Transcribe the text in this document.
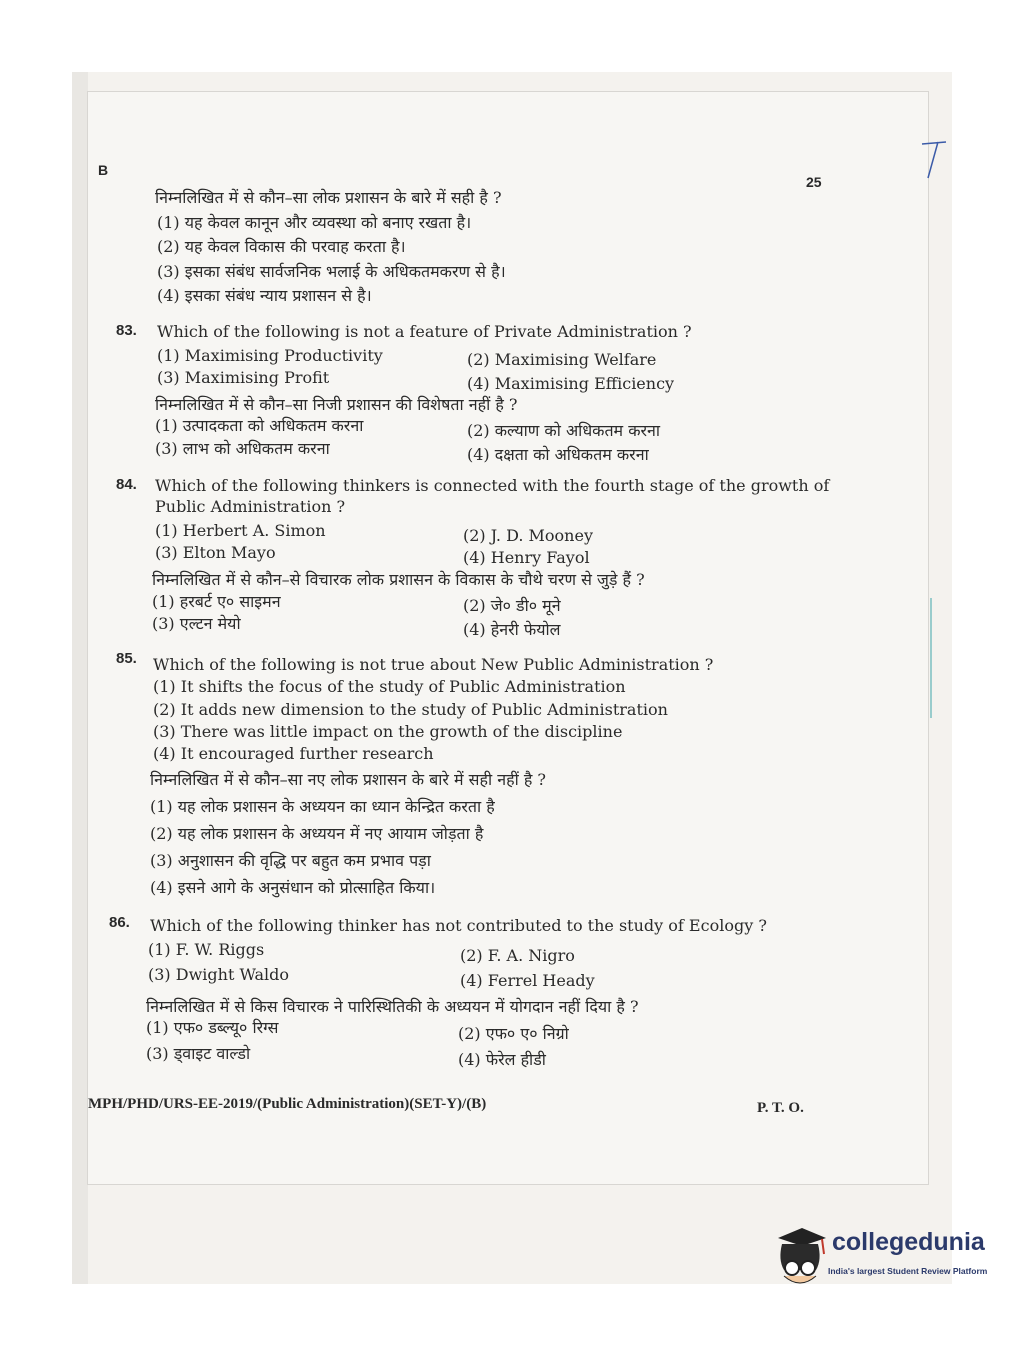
B
25
निम्नलिखित में से कौन–सा लोक प्रशासन के बारे में सही है ?
(1) यह केवल कानून और व्यवस्था को बनाए रखता है।
(2) यह केवल विकास की परवाह करता है।
(3) इसका संबंध सार्वजनिक भलाई के अधिकतमकरण से है।
(4) इसका संबंध न्याय प्रशासन से है।
83. Which of the following is not a feature of Private Administration ?
(1) Maximising Productivity	(2) Maximising Welfare
(3) Maximising Profit	(4) Maximising Efficiency
निम्नलिखित में से कौन–सा निजी प्रशासन की विशेषता नहीं है ?
(1) उत्पादकता को अधिकतम करना	(2) कल्याण को अधिकतम करना
(3) लाभ को अधिकतम करना	(4) दक्षता को अधिकतम करना
84. Which of the following thinkers is connected with the fourth stage of the growth of
Public Administration ?
(1) Herbert A. Simon	(2) J. D. Mooney
(3) Elton Mayo	(4) Henry Fayol
निम्नलिखित में से कौन–से विचारक लोक प्रशासन के विकास के चौथे चरण से जुड़े हैं ?
(1) हरबर्ट ए० साइमन	(2) जे० डी० मूने
(3) एल्टन मेयो	(4) हेनरी फेयोल
85. Which of the following is not true about New Public Administration ?
(1) It shifts the focus of the study of Public Administration
(2) It adds new dimension to the study of Public Administration
(3) There was little impact on the growth of the discipline
(4) It encouraged further research
निम्नलिखित में से कौन–सा नए लोक प्रशासन के बारे में सही नहीं है ?
(1) यह लोक प्रशासन के अध्ययन का ध्यान केन्द्रित करता है
(2) यह लोक प्रशासन के अध्ययन में नए आयाम जोड़ता है
(3) अनुशासन की वृद्धि पर बहुत कम प्रभाव पड़ा
(4) इसने आगे के अनुसंधान को प्रोत्साहित किया।
86. Which of the following thinker has not contributed to the study of Ecology ?
(1) F. W. Riggs	(2) F. A. Nigro
(3) Dwight Waldo	(4) Ferrel Heady
निम्नलिखित में से किस विचारक ने पारिस्थितिकी के अध्ययन में योगदान नहीं दिया है ?
(1) एफ० डब्ल्यू० रिग्स	(2) एफ० ए० निग्रो
(3) ड्वाइट वाल्डो	(4) फेरेल हीडी
MPH/PHD/URS-EE-2019/(Public Administration)(SET-Y)/(B)	P. T. O.
collegedunia
India's largest Student Review Platform
